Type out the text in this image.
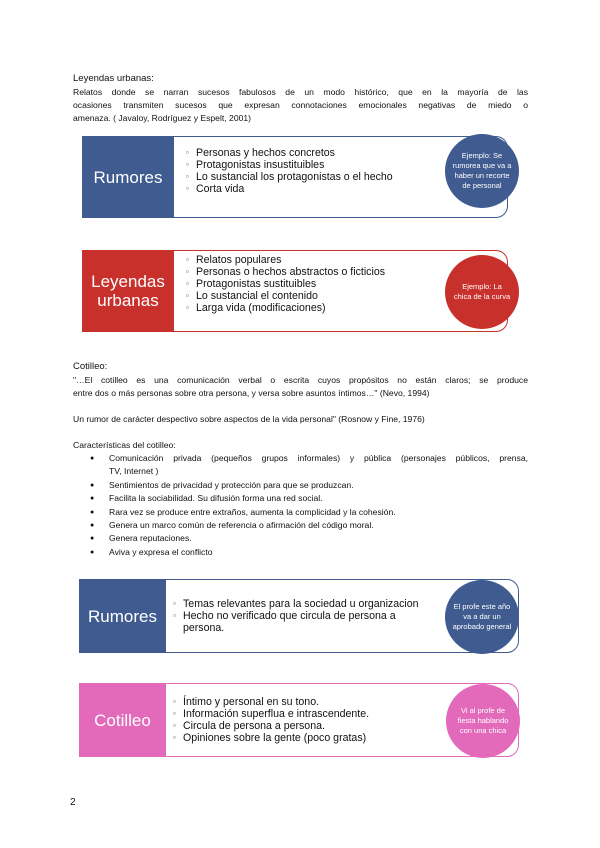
Leyendas urbanas:
Relatos donde se narran sucesos fabulosos de un modo histórico, que en la mayoría de las
ocasiones transmiten sucesos que expresan connotaciones emocionales negativas de miedo o
amenaza. ( Javaloy, Rodríguez y Espelt, 2001)
Rumores
▫ Personas y hechos concretos
▫ Protagonistas insustituibles
▫ Lo sustancial los protagonistas o el hecho
▫ Corta vida
Ejemplo: Se rumorea que va a haber un recorte de personal
Leyendas urbanas
▫ Relatos populares
▫ Personas o hechos abstractos o ficticios
▫ Protagonistas sustituibles
▫ Lo sustancial el contenido
▫ Larga vida (modificaciones)
Ejemplo: La chica de la curva
Cotilleo:
"…El cotilleo es una comunicación verbal o escrita cuyos propósitos no están claros; se produce
entre dos o más personas sobre otra persona, y versa sobre asuntos íntimos…" (Nevo, 1994)
Un rumor de carácter despectivo sobre aspectos de la vida personal" (Rosnow y Fine, 1976)
Características del cotilleo:
● Comunicación privada (pequeños grupos informales) y pública (personajes públicos, prensa,
TV, Internet )
● Sentimientos de privacidad y protección para que se produzcan.
● Facilita la sociabilidad. Su difusión forma una red social.
● Rara vez se produce entre extraños, aumenta la complicidad y la cohesión.
● Genera un marco común de referencia o afirmación del código moral.
● Genera reputaciones.
● Aviva y expresa el conflicto
Rumores
▫ Temas relevantes para la sociedad u organizacion
▫ Hecho no verificado que circula de persona a persona.
El profe este año va a dar un aprobado general
Cotilleo
▫ Íntimo y personal en su tono.
▫ Información superflua e intrascendente.
▫ Circula de persona a persona.
▫ Opiniones sobre la gente (poco gratas)
Vi al profe de fiesta hablando con una chica
2
